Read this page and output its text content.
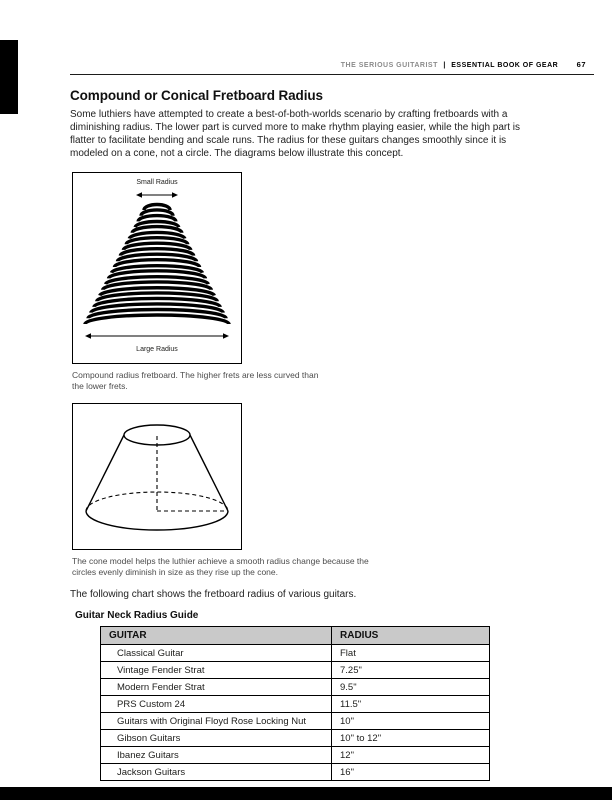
THE SERIOUS GUITARIST | ESSENTIAL BOOK OF GEAR 67
Compound or Conical Fretboard Radius

Some luthiers have attempted to create a best-of-both-worlds scenario by crafting fretboards with a diminishing radius. The lower part is curved more to make rhythm playing easier, while the high part is flatter to facilitate bending and scale runs. The radius for these guitars changes smoothly since it is modeled on a cone, not a circle. The diagrams below illustrate this concept.

Small Radius
Large Radius
Compound radius fretboard. The higher frets are less curved than the lower frets.
The cone model helps the luthier achieve a smooth radius change because the circles evenly diminish in size as they rise up the cone.

The following chart shows the fretboard radius of various guitars.

Guitar Neck Radius Guide
GUITAR	RADIUS
Classical Guitar	Flat
Vintage Fender Strat	7.25"
Modern Fender Strat	9.5"
PRS Custom 24	11.5"
Guitars with Original Floyd Rose Locking Nut	10"
Gibson Guitars	10" to 12"
Ibanez Guitars	12"
Jackson Guitars	16"
